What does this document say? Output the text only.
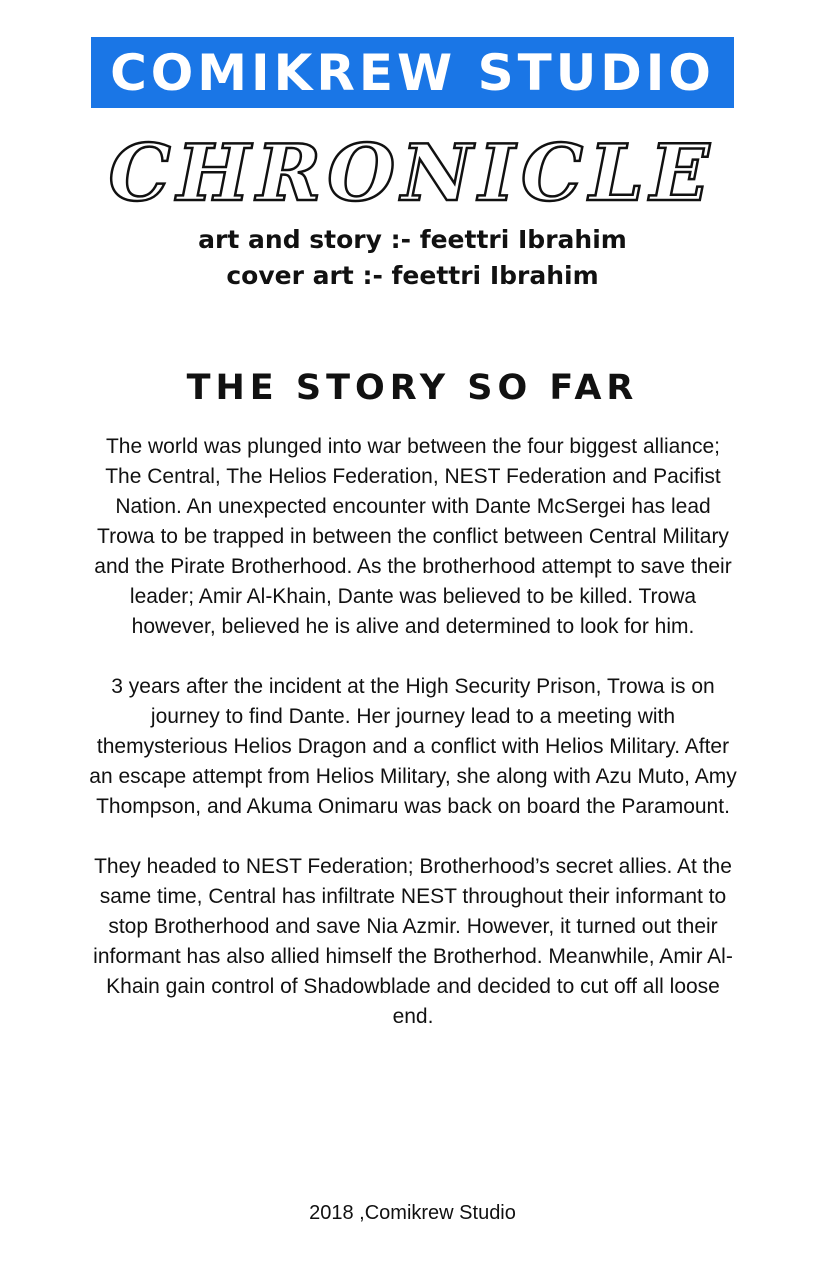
COMIKREW STUDIO
CHRONICLE
art and story :- feettri Ibrahim
cover art :- feettri Ibrahim
THE STORY SO FAR

The world was plunged into war between the four biggest alliance; The Central, The Helios Federation, NEST Federation and Pacifist Nation. An unexpected encounter with Dante McSergei has lead Trowa to be trapped in between the conflict between Central Military and the Pirate Brotherhood. As the brotherhood attempt to save their leader; Amir Al-Khain, Dante was believed to be killed. Trowa however, believed he is alive and determined to look for him.

3 years after the incident at the High Security Prison, Trowa is on journey to find Dante. Her journey lead to a meeting with themysterious Helios Dragon and a conflict with Helios Military. After an escape attempt from Helios Military, she along with Azu Muto, Amy Thompson, and Akuma Onimaru was back on board the Paramount.

They headed to NEST Federation; Brotherhood’s secret allies. At the same time, Central has infiltrate NEST throughout their informant to stop Brotherhood and save Nia Azmir. However, it turned out their informant has also allied himself the Brotherhod. Meanwhile, Amir Al-Khain gain control of Shadowblade and decided to cut off all loose end.

2018 ,Comikrew Studio
